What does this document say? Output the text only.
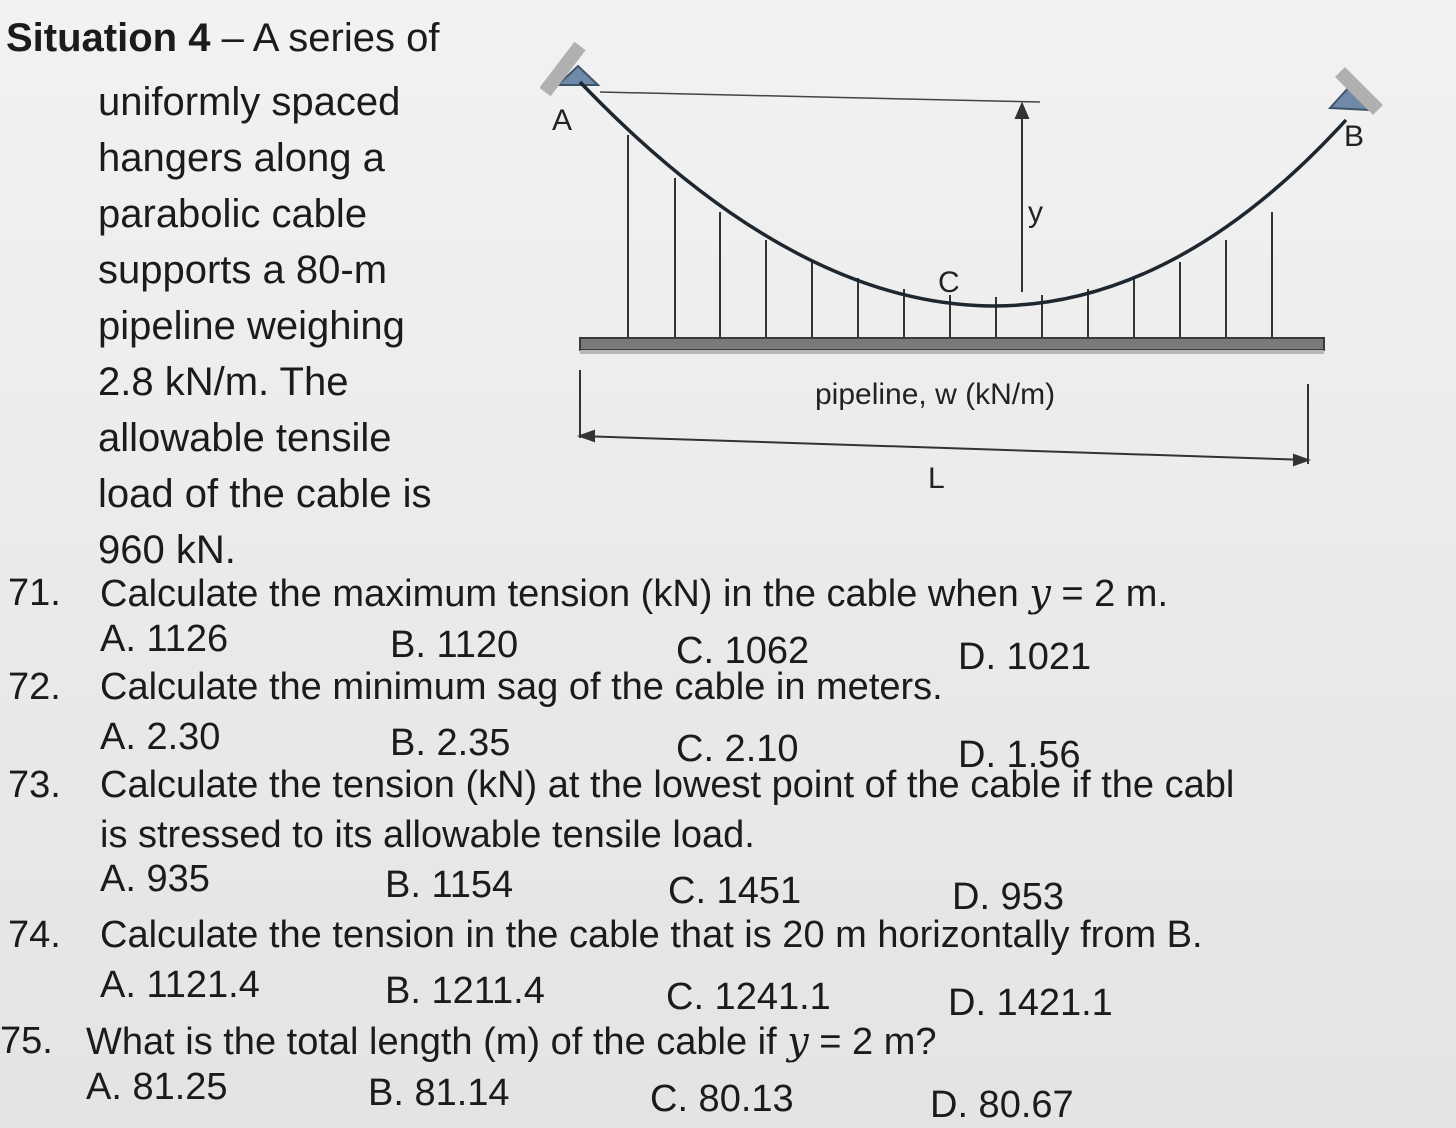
Situation 4 – A series of
uniformly spaced
hangers along a
parabolic cable
supports a 80-m
pipeline weighing
2.8 kN/m. The
allowable tensile
load of the cable is
960 kN.
A	B
C
y
pipeline, w (kN/m)
L
71. Calculate the maximum tension (kN) in the cable when y = 2 m.
A. 1126	B. 1120	C. 1062	D. 1021
72. Calculate the minimum sag of the cable in meters.
A. 2.30	B. 2.35	C. 2.10	D. 1.56
73. Calculate the tension (kN) at the lowest point of the cable if the cabl
is stressed to its allowable tensile load.
A. 935	B. 1154	C. 1451	D. 953
74. Calculate the tension in the cable that is 20 m horizontally from B.
A. 1121.4	B. 1211.4	C. 1241.1	D. 1421.1
75. What is the total length (m) of the cable if y = 2 m?
A. 81.25	B. 81.14	C. 80.13	D. 80.67
